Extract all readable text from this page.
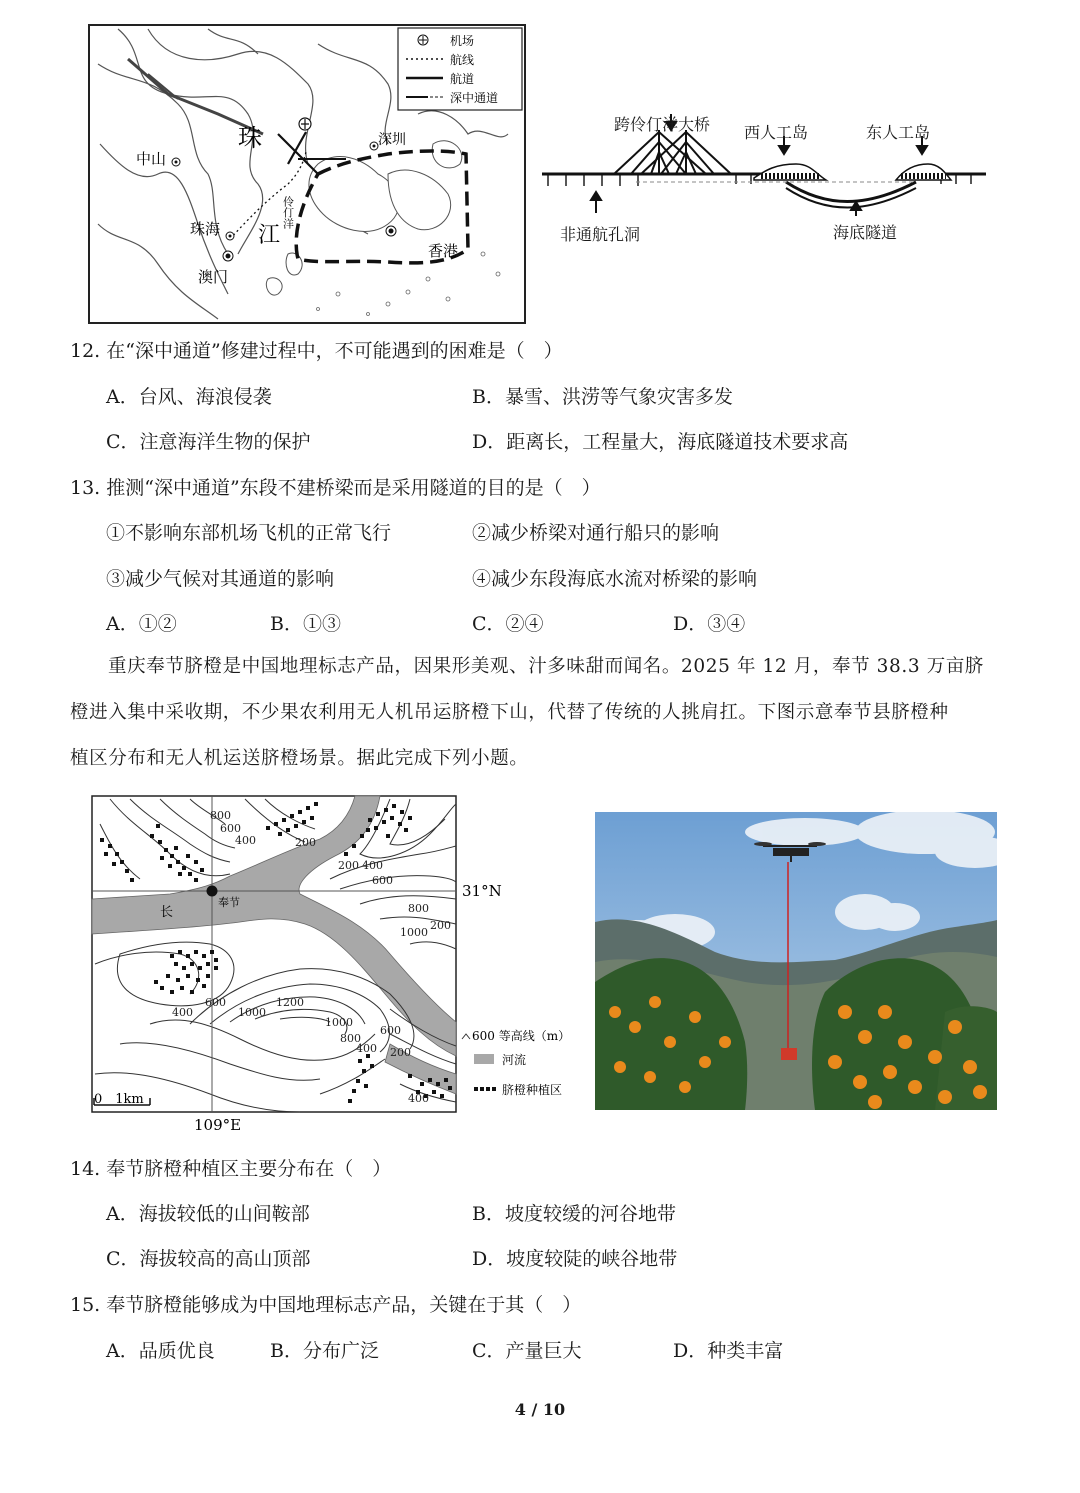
机场
航线
航道
深中通道
珠
江
中山
珠海
澳门
深圳
香港
伶仃洋
跨伶仃洋大桥 西人工岛	东人工岛
非通航孔洞	海底隧道
12. 在“深中通道”修建过程中，不可能遇到的困难是（　）
A．台风、海浪侵袭	B．暴雪、洪涝等气象灾害多发
C．注意海洋生物的保护	D．距离长，工程量大，海底隧道技术要求高
13. 推测“深中通道”东段不建桥梁而是采用隧道的目的是（　）
①不影响东部机场飞机的正常飞行	②减少桥梁对通行船只的影响
③减少气候对其通道的影响	④减少东段海底水流对桥梁的影响
A．①②	B．①③	C．②④	D．③④
重庆奉节脐橙是中国地理标志产品，因果形美观、汁多味甜而闻名。2025 年 12 月，奉节 38.3 万亩脐
橙进入集中采收期，不少果农利用无人机吊运脐橙下山，代替了传统的人挑肩扛。下图示意奉节县脐橙种
植区分布和无人机运送脐橙场景。据此完成下列小题。
800
600
400	200
200 400
600
800
1000
200
400
600
1000
1200
1000
800
600
400 200
400
长
奉节
0　1km
600 等高线（m）
河流
脐橙种植区
31°N
109°E
14. 奉节脐橙种植区主要分布在（　）
A．海拔较低的山间鞍部	B．坡度较缓的河谷地带
C．海拔较高的高山顶部	D．坡度较陡的峡谷地带
15. 奉节脐橙能够成为中国地理标志产品，关键在于其（　）
A．品质优良	B．分布广泛	C．产量巨大	D．种类丰富
4 / 10
